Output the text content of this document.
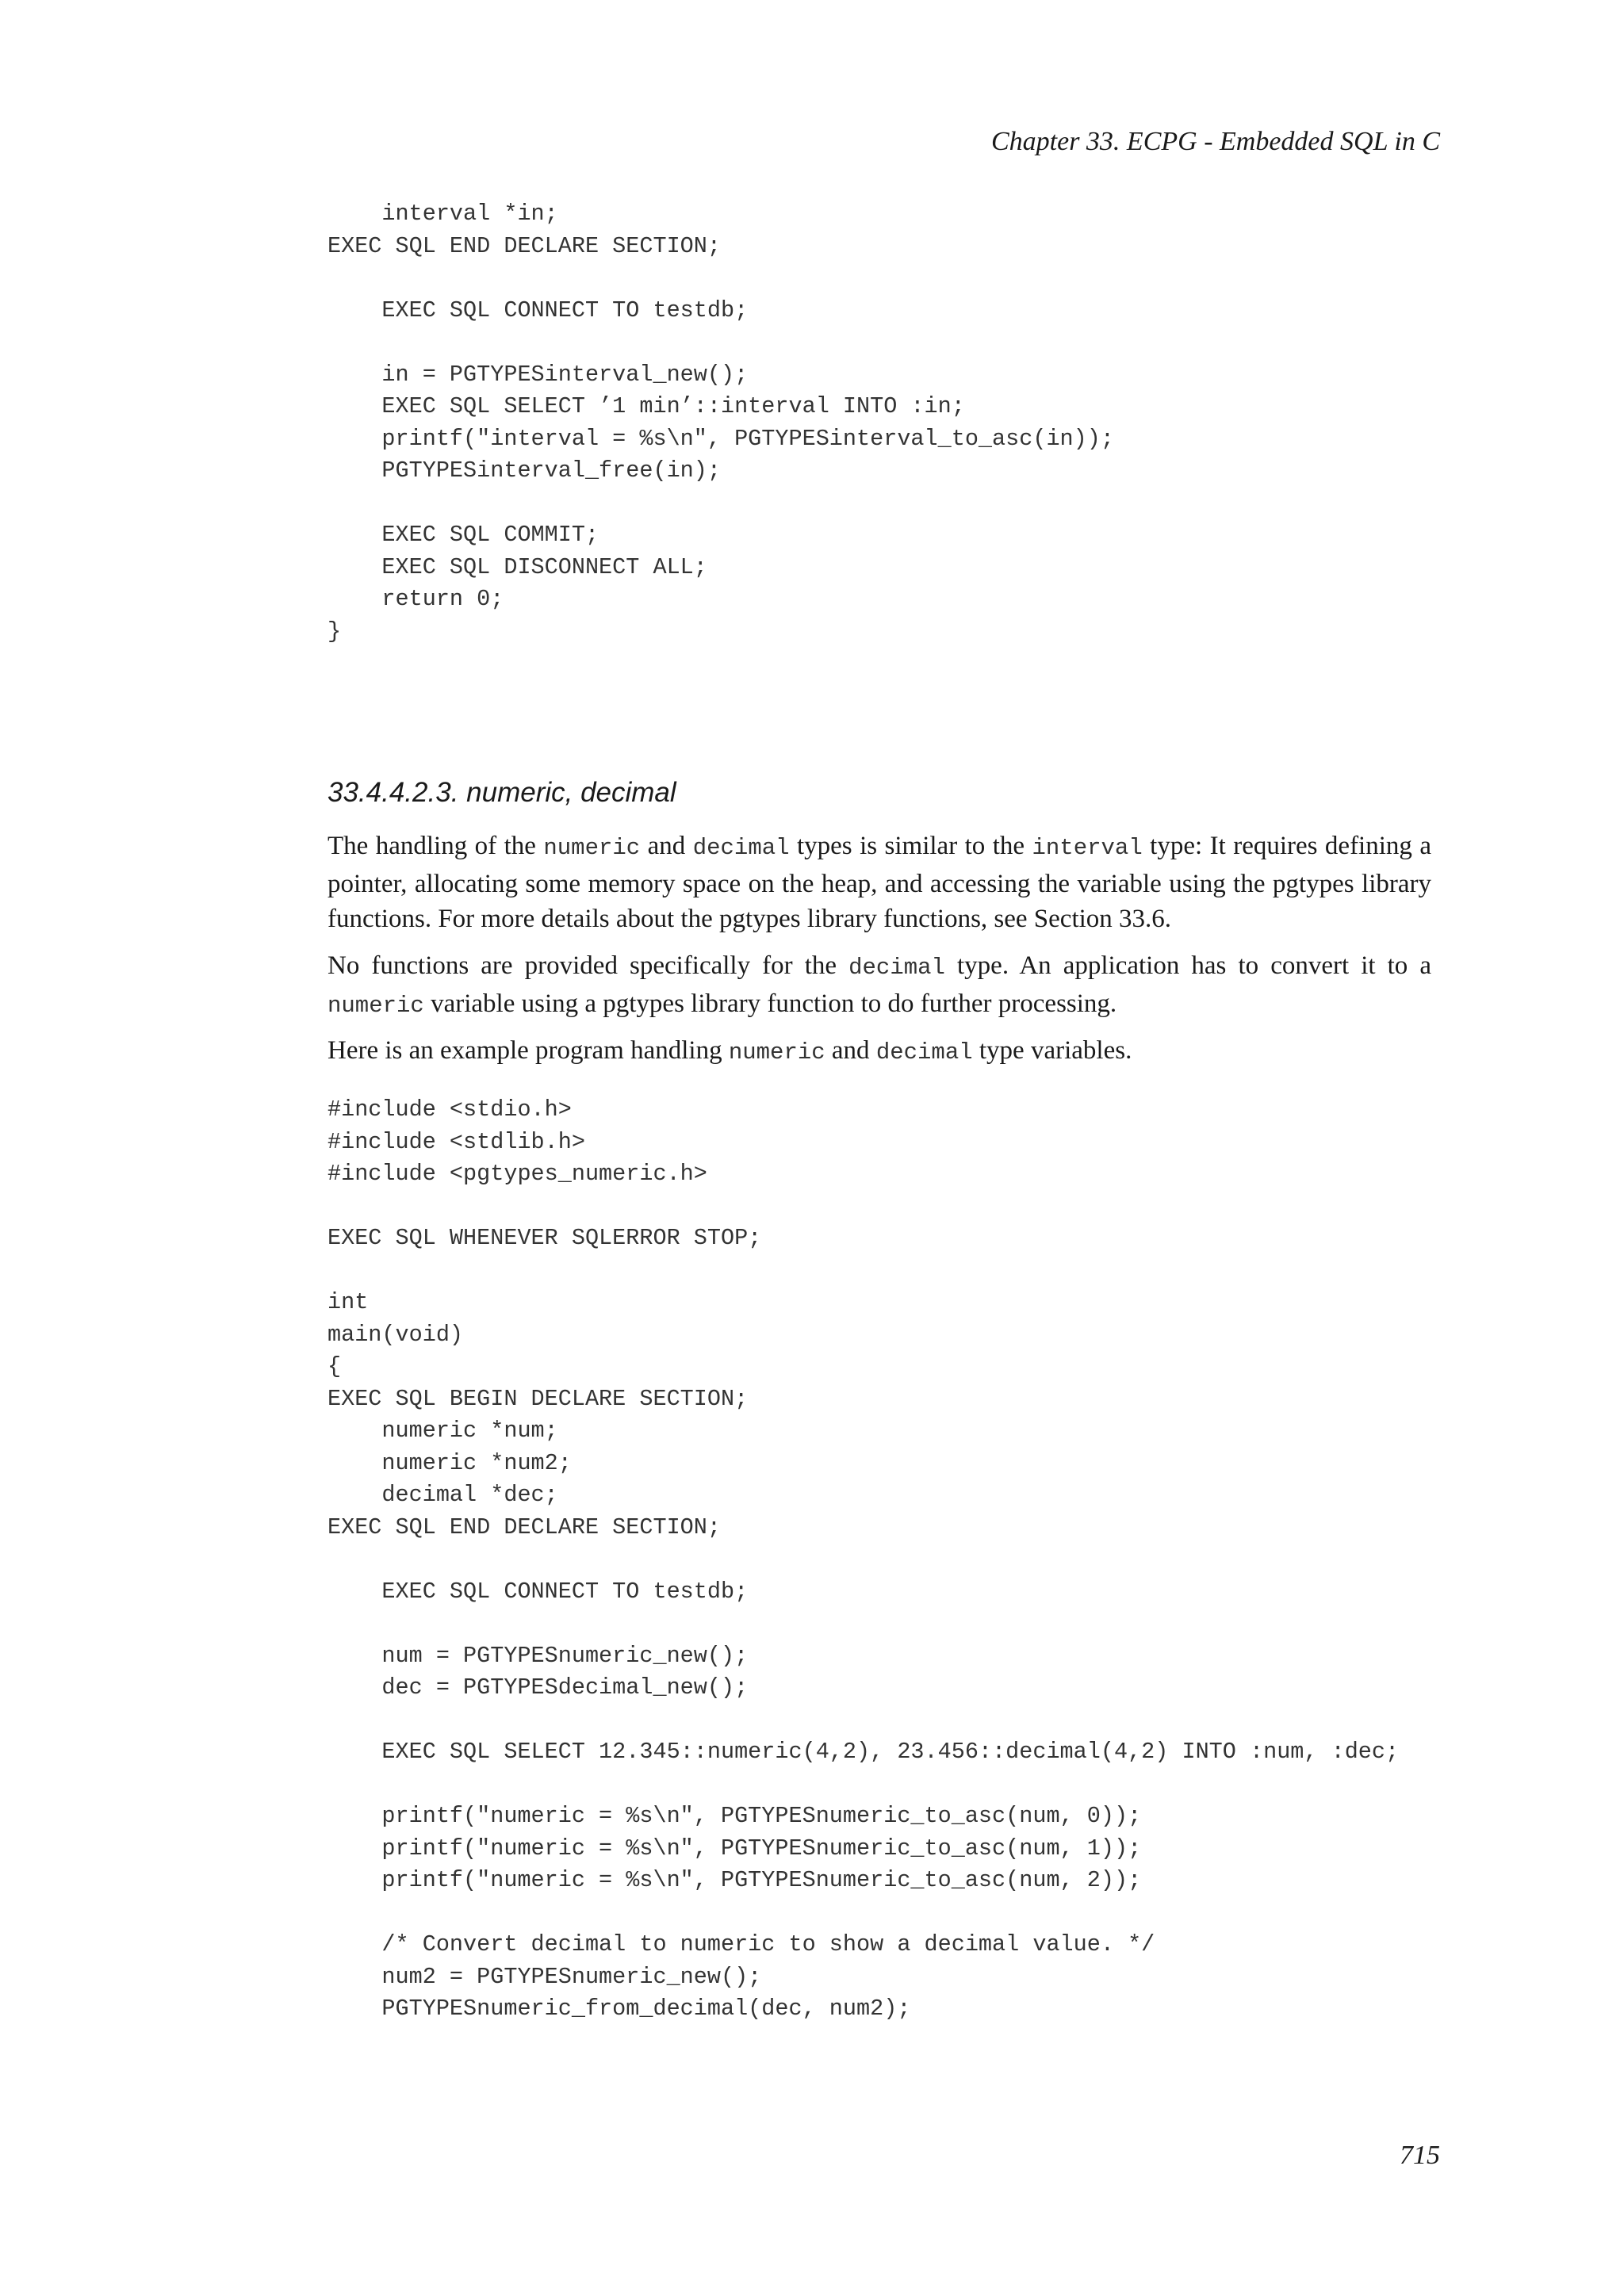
Chapter 33. ECPG - Embedded SQL in C
interval *in;
EXEC SQL END DECLARE SECTION;

EXEC SQL CONNECT TO testdb;

in = PGTYPESinterval_new();
EXEC SQL SELECT ’1 min’::interval INTO :in;
printf("interval = %s\n", PGTYPESinterval_to_asc(in));
PGTYPESinterval_free(in);

EXEC SQL COMMIT;
EXEC SQL DISCONNECT ALL;
return 0;
}
33.4.4.2.3. numeric, decimal

The handling of the numeric and decimal types is similar to the interval type: It requires defining a pointer, allocating some memory space on the heap, and accessing the variable using the pgtypes library functions. For more details about the pgtypes library functions, see Section 33.6.

No functions are provided specifically for the decimal type. An application has to convert it to a numeric variable using a pgtypes library function to do further processing.

Here is an example program handling numeric and decimal type variables.

#include <stdio.h>
#include <stdlib.h>
#include <pgtypes_numeric.h>

EXEC SQL WHENEVER SQLERROR STOP;

int
main(void)
{
EXEC SQL BEGIN DECLARE SECTION;
numeric *num;
numeric *num2;
decimal *dec;
EXEC SQL END DECLARE SECTION;

EXEC SQL CONNECT TO testdb;

num = PGTYPESnumeric_new();
dec = PGTYPESdecimal_new();

EXEC SQL SELECT 12.345::numeric(4,2), 23.456::decimal(4,2) INTO :num, :dec;

printf("numeric = %s\n", PGTYPESnumeric_to_asc(num, 0));
printf("numeric = %s\n", PGTYPESnumeric_to_asc(num, 1));
printf("numeric = %s\n", PGTYPESnumeric_to_asc(num, 2));

/* Convert decimal to numeric to show a decimal value. */
num2 = PGTYPESnumeric_new();
PGTYPESnumeric_from_decimal(dec, num2);
715
